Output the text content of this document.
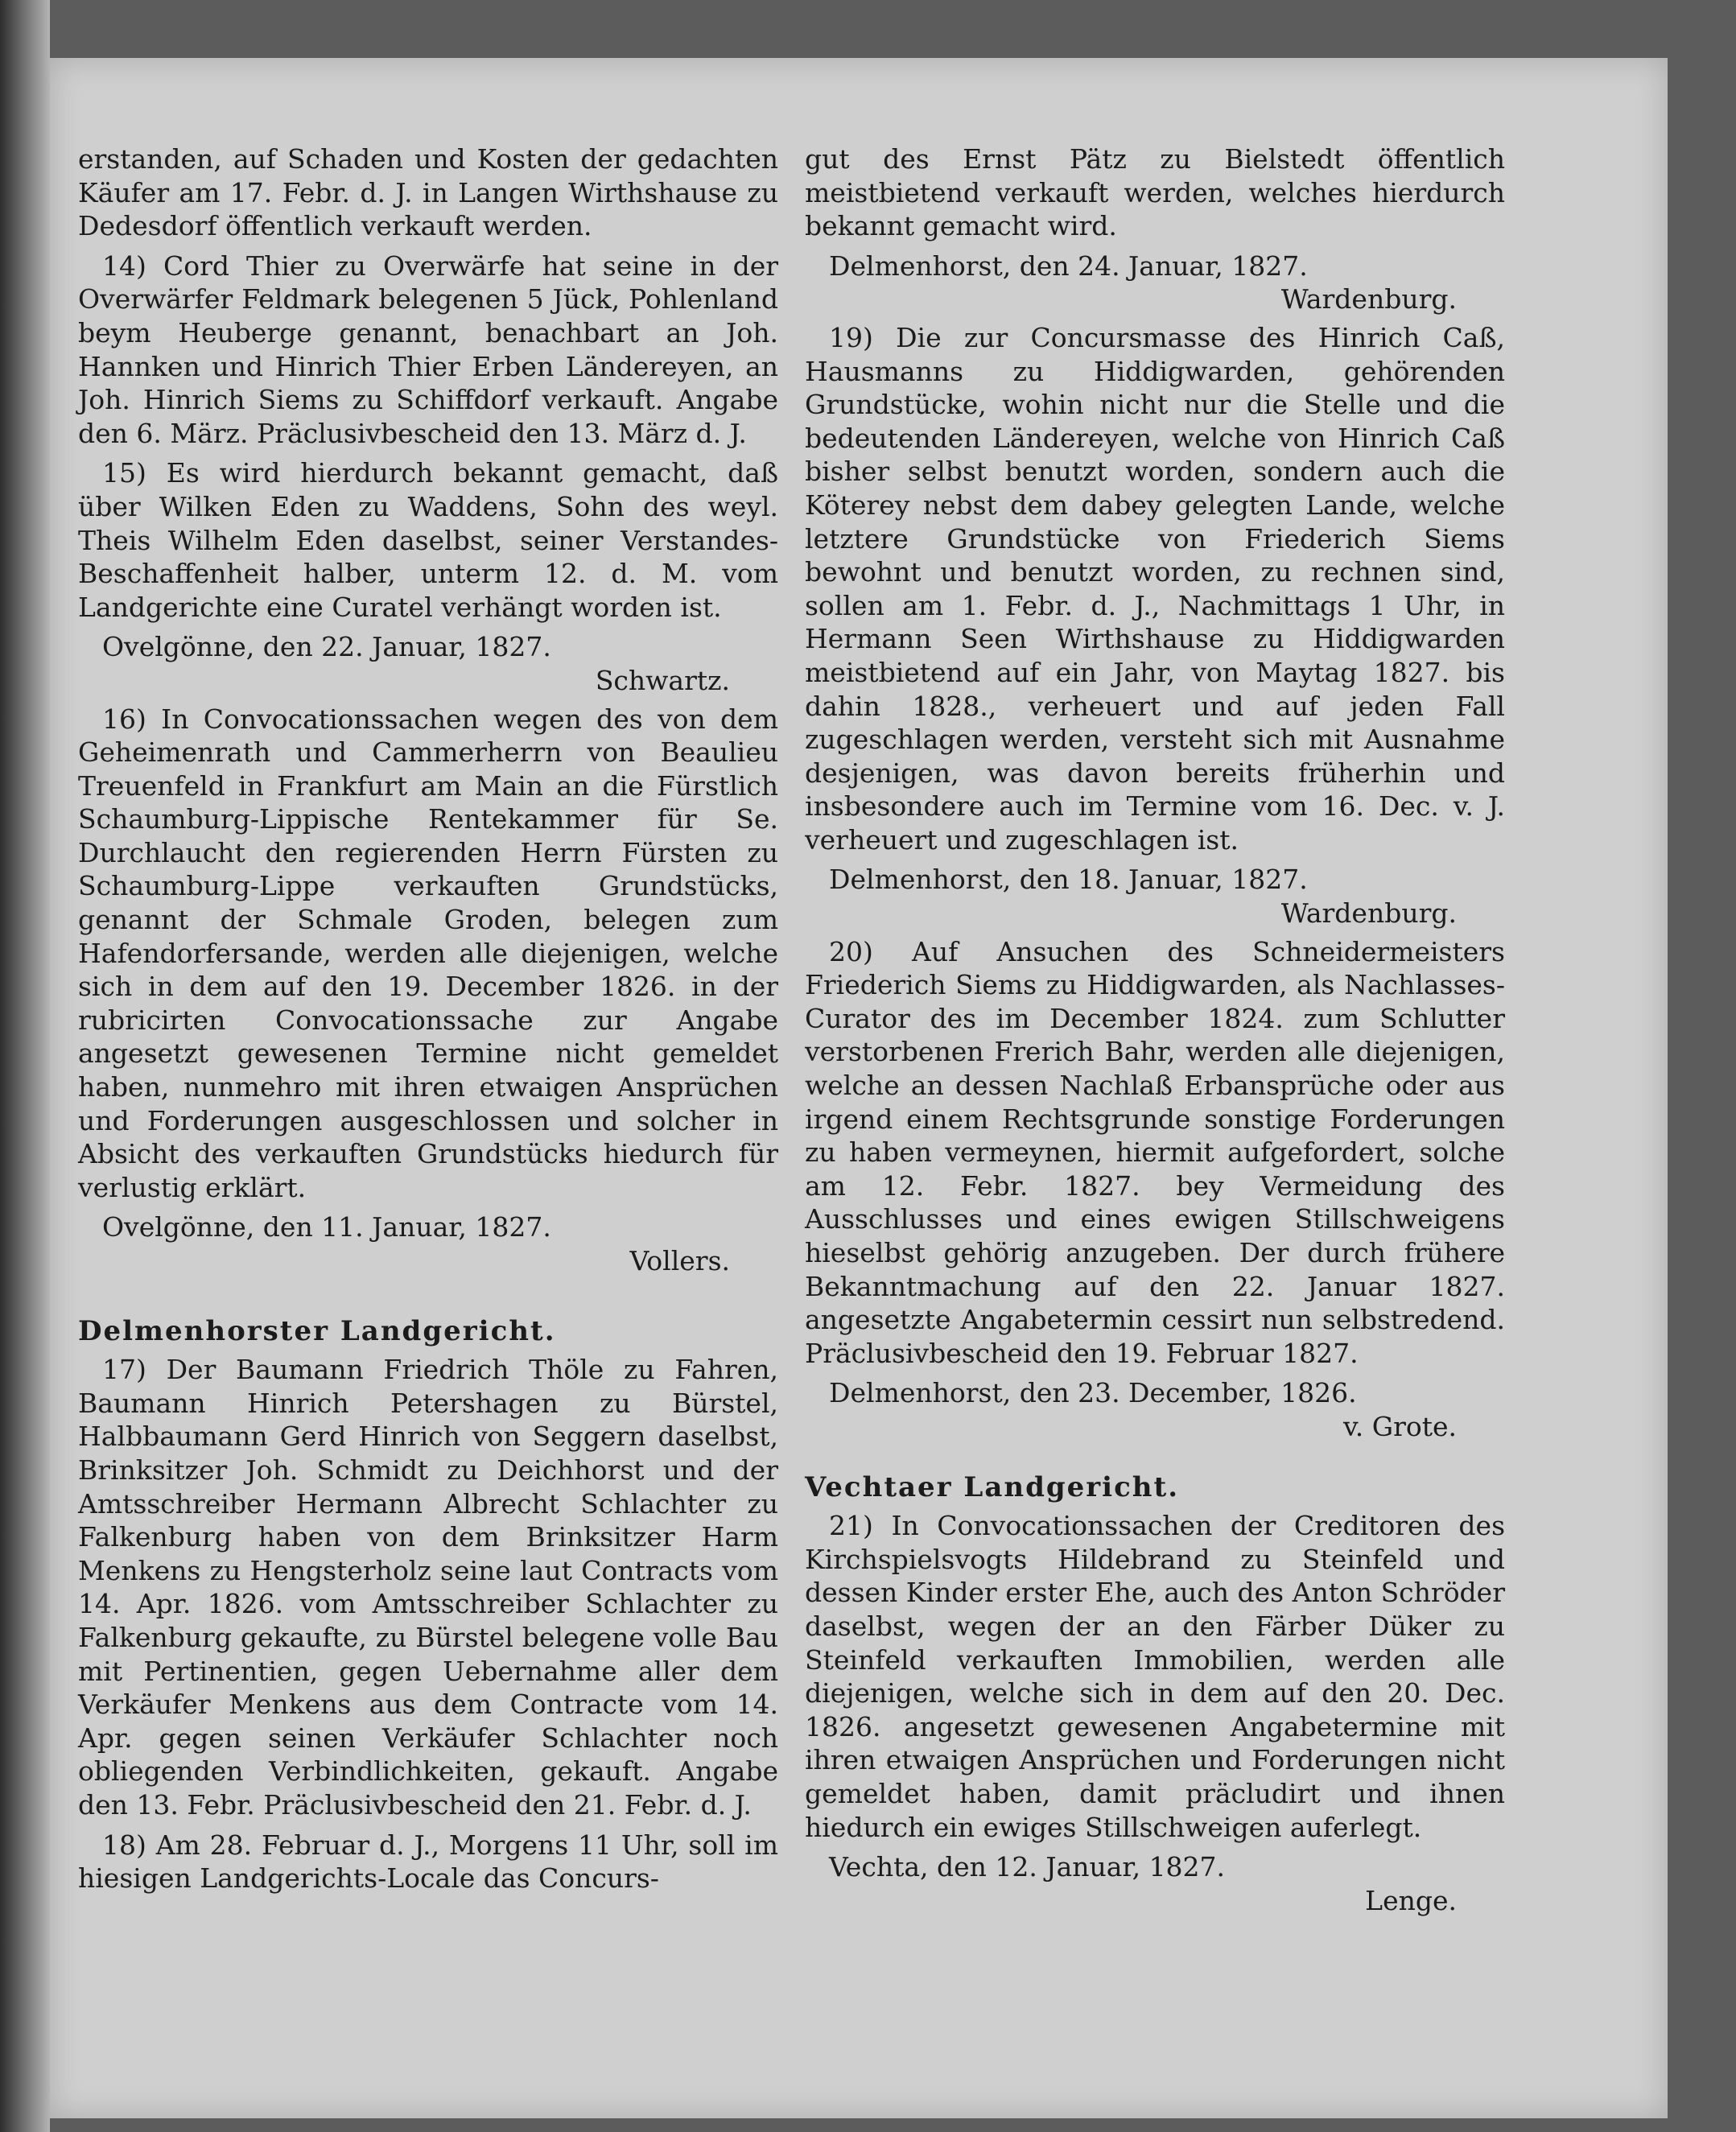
erstanden, auf Schaden und Kosten der gedachten Käufer am 17. Febr. d. J. in Langen Wirthshause zu Dedesdorf öffentlich verkauft werden.

14) Cord Thier zu Overwärfe hat seine in der Overwärfer Feldmark belegenen 5 Jück, Pohlenland beym Heuberge genannt, benachbart an Joh. Hannken und Hinrich Thier Erben Ländereyen, an Joh. Hinrich Siems zu Schiffdorf verkauft. Angabe den 6. März. Präclusivbescheid den 13. März d. J.

15) Es wird hierdurch bekannt gemacht, daß über Wilken Eden zu Waddens, Sohn des weyl. Theis Wilhelm Eden daselbst, seiner Verstandes-Beschaffenheit halber, unterm 12. d. M. vom Landgerichte eine Curatel verhängt worden ist.

Ovelgönne, den 22. Januar, 1827.

Schwartz.

16) In Convocationssachen wegen des von dem Geheimenrath und Cammerherrn von Beaulieu Treuenfeld in Frankfurt am Main an die Fürstlich Schaumburg-Lippische Rentekammer für Se. Durchlaucht den regierenden Herrn Fürsten zu Schaumburg-Lippe verkauften Grundstücks, genannt der Schmale Groden, belegen zum Hafendorfersande, werden alle diejenigen, welche sich in dem auf den 19. December 1826. in der rubricirten Convocationssache zur Angabe angesetzt gewesenen Termine nicht gemeldet haben, nunmehro mit ihren etwaigen Ansprüchen und Forderungen ausgeschlossen und solcher in Absicht des verkauften Grundstücks hiedurch für verlustig erklärt.

Ovelgönne, den 11. Januar, 1827.

Vollers.

Delmenhorster Landgericht.

17) Der Baumann Friedrich Thöle zu Fahren, Baumann Hinrich Petershagen zu Bürstel, Halbbaumann Gerd Hinrich von Seggern daselbst, Brinksitzer Joh. Schmidt zu Deichhorst und der Amtsschreiber Hermann Albrecht Schlachter zu Falkenburg haben von dem Brinksitzer Harm Menkens zu Hengsterholz seine laut Contracts vom 14. Apr. 1826. vom Amtsschreiber Schlachter zu Falkenburg gekaufte, zu Bürstel belegene volle Bau mit Pertinentien, gegen Uebernahme aller dem Verkäufer Menkens aus dem Contracte vom 14. Apr. gegen seinen Verkäufer Schlachter noch obliegenden Verbindlichkeiten, gekauft. Angabe den 13. Febr. Präclusivbescheid den 21. Febr. d. J.

18) Am 28. Februar d. J., Morgens 11 Uhr, soll im hiesigen Landgerichts-Locale das Concurs-

gut des Ernst Pätz zu Bielstedt öffentlich meistbietend verkauft werden, welches hierdurch bekannt gemacht wird.

Delmenhorst, den 24. Januar, 1827.

Wardenburg.

19) Die zur Concursmasse des Hinrich Caß, Hausmanns zu Hiddigwarden, gehörenden Grundstücke, wohin nicht nur die Stelle und die bedeutenden Ländereyen, welche von Hinrich Caß bisher selbst benutzt worden, sondern auch die Köterey nebst dem dabey gelegten Lande, welche letztere Grundstücke von Friederich Siems bewohnt und benutzt worden, zu rechnen sind, sollen am 1. Febr. d. J., Nachmittags 1 Uhr, in Hermann Seen Wirthshause zu Hiddigwarden meistbietend auf ein Jahr, von Maytag 1827. bis dahin 1828., verheuert und auf jeden Fall zugeschlagen werden, versteht sich mit Ausnahme desjenigen, was davon bereits früherhin und insbesondere auch im Termine vom 16. Dec. v. J. verheuert und zugeschlagen ist.

Delmenhorst, den 18. Januar, 1827.

Wardenburg.

20) Auf Ansuchen des Schneidermeisters Friederich Siems zu Hiddigwarden, als Nachlasses-Curator des im December 1824. zum Schlutter verstorbenen Frerich Bahr, werden alle diejenigen, welche an dessen Nachlaß Erbansprüche oder aus irgend einem Rechtsgrunde sonstige Forderungen zu haben vermeynen, hiermit aufgefordert, solche am 12. Febr. 1827. bey Vermeidung des Ausschlusses und eines ewigen Stillschweigens hieselbst gehörig anzugeben. Der durch frühere Bekanntmachung auf den 22. Januar 1827. angesetzte Angabetermin cessirt nun selbstredend. Präclusivbescheid den 19. Februar 1827.

Delmenhorst, den 23. December, 1826.

v. Grote.

Vechtaer Landgericht.

21) In Convocationssachen der Creditoren des Kirchspielsvogts Hildebrand zu Steinfeld und dessen Kinder erster Ehe, auch des Anton Schröder daselbst, wegen der an den Färber Düker zu Steinfeld verkauften Immobilien, werden alle diejenigen, welche sich in dem auf den 20. Dec. 1826. angesetzt gewesenen Angabetermine mit ihren etwaigen Ansprüchen und Forderungen nicht gemeldet haben, damit präcludirt und ihnen hiedurch ein ewiges Stillschweigen auferlegt.

Vechta, den 12. Januar, 1827.

Lenge.
